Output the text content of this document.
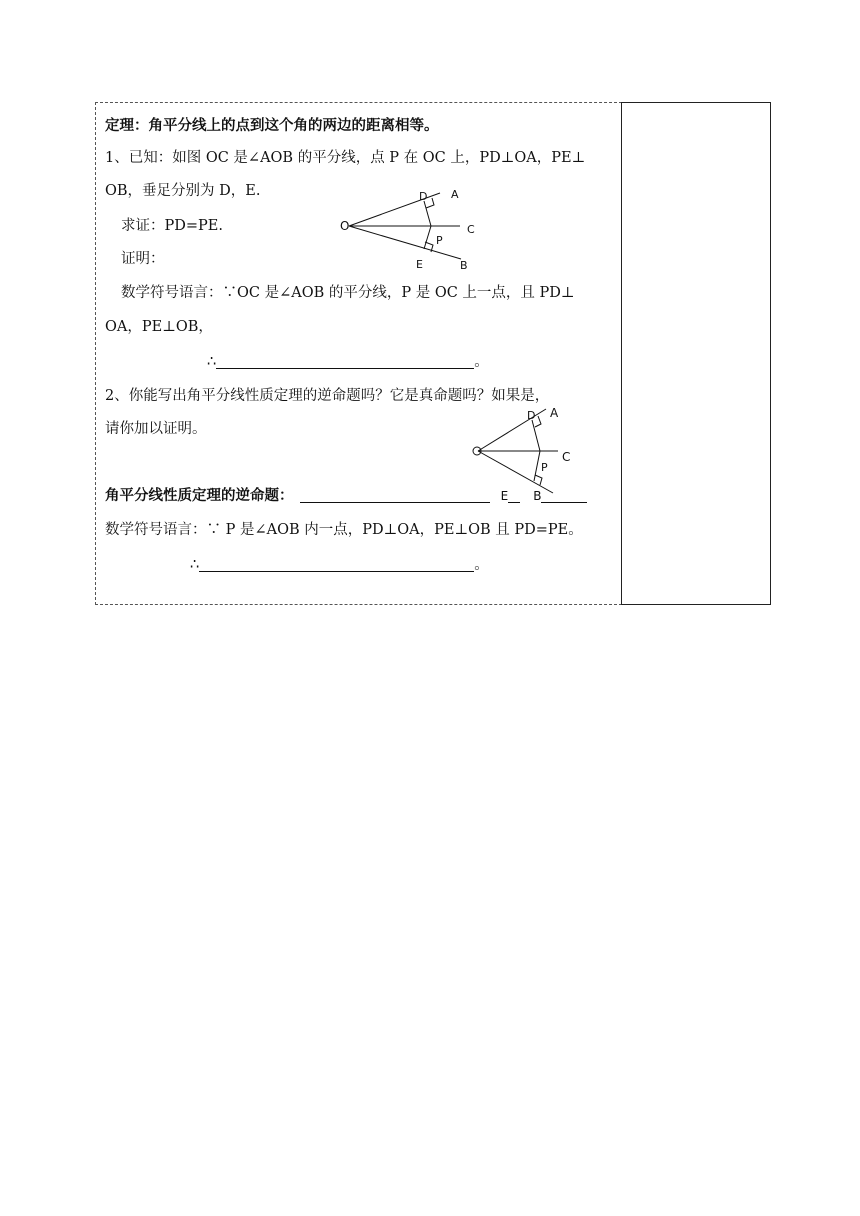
定理：角平分线上的点到这个角的两边的距离相等。
1、已知：如图 OC 是∠AOB 的平分线，点 P 在 OC 上，PD⊥OA，PE⊥
OB，垂足分别为 D，E.
求证：PD=PE.
证明：
数学符号语言：∵OC 是∠AOB 的平分线，P 是 OC 上一点，且 PD⊥
OA，PE⊥OB，
∴	。
O
A
C
B
D
E
P
2、你能写出角平分线性质定理的逆命题吗？它是真命题吗？如果是，
请你加以证明。
A
C
D
P
角平分线性质定理的逆命题：	E B
数学符号语言：∵ P 是∠AOB 内一点，PD⊥OA，PE⊥OB 且 PD=PE。
∴	。
